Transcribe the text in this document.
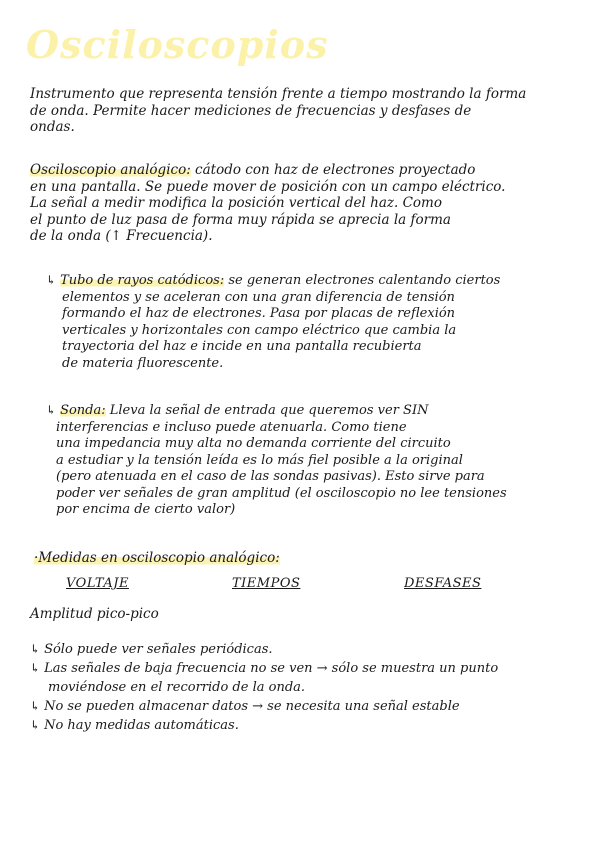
Osciloscopios
Instrumento que representa tensión frente a tiempo mostrando la forma
de onda. Permite hacer mediciones de frecuencias y desfases de
ondas.
Osciloscopio analógico: cátodo con haz de electrones proyectado
en una pantalla. Se puede mover de posición con un campo eléctrico.
La señal a medir modifica la posición vertical del haz. Como
el punto de luz pasa de forma muy rápida se aprecia la forma
de la onda (↑ Frecuencia).
↳ Tubo de rayos catódicos: se generan electrones calentando ciertos
elementos y se aceleran con una gran diferencia de tensión
formando el haz de electrones. Pasa por placas de reflexión
verticales y horizontales con campo eléctrico que cambia la
trayectoria del haz e incide en una pantalla recubierta
de materia fluorescente.
↳ Sonda: Lleva la señal de entrada que queremos ver SIN
interferencias e incluso puede atenuarla. Como tiene
una impedancia muy alta no demanda corriente del circuito
a estudiar y la tensión leída es lo más fiel posible a la original
(pero atenuada en el caso de las sondas pasivas). Esto sirve para
poder ver señales de gran amplitud (el osciloscopio no lee tensiones
por encima de cierto valor)
·Medidas en osciloscopio analógico:
VOLTAJE	TIEMPOS	DESFASES
Amplitud pico-pico
↳ Sólo puede ver señales periódicas.
↳ Las señales de baja frecuencia no se ven → sólo se muestra un punto
moviéndose en el recorrido de la onda.
↳ No se pueden almacenar datos → se necesita una señal estable
↳ No hay medidas automáticas.
